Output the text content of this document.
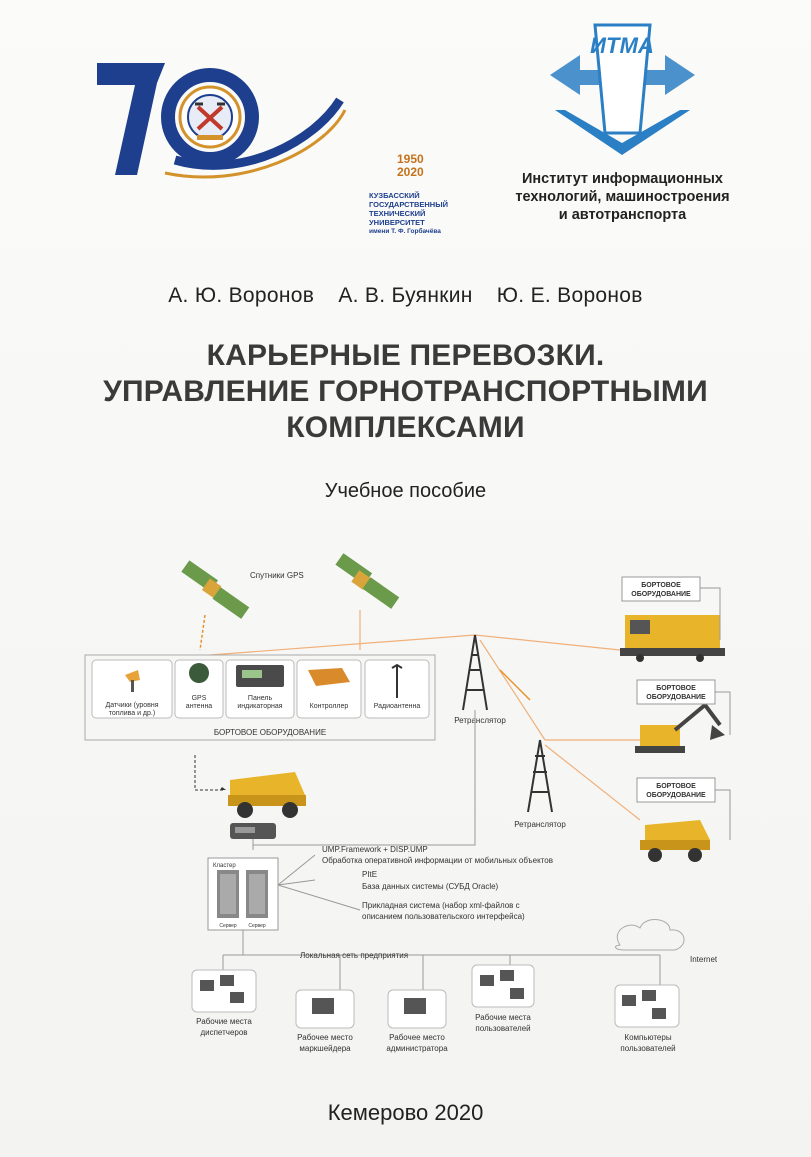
1950
2020
КУЗБАССКИЙ
ГОСУДАРСТВЕННЫЙ
ТЕХНИЧЕСКИЙ
УНИВЕРСИТЕТ
имени Т. Ф. Горбачёва
ИТМА
Институт информационных
технологий, машиностроения
и автотранспорта
А. Ю. Воронов А. В. Буянкин Ю. Е. Воронов
КАРЬЕРНЫЕ ПЕРЕВОЗКИ.
УПРАВЛЕНИЕ ГОРНОТРАНСПОРТНЫМИ
КОМПЛЕКСАМИ
Учебное пособие
Спутники GPS
Датчики (уровня
топлива и др.)
GPS
антенна
Панель
индикаторная	Контроллер	Радиоантенна
БОРТОВОЕ ОБОРУДОВАНИЕ
Ретранслятор
Ретранслятор
БОРТОВОЕ
ОБОРУДОВАНИЕ
БОРТОВОЕ
ОБОРУДОВАНИЕ
БОРТОВОЕ
ОБОРУДОВАНИЕ
Кластер
Сервер Сервер
UMP.Framework + DISP.UMP
Обработка оперативной информации от мобильных объектов
PItE
База данных системы (СУБД Oracle)
Прикладная система (набор xml-файлов с
описанием пользовательского интерфейса)
Локальная сеть предприятия	Internet
Рабочие места
диспетчеров
Рабочее место
маркшейдера
Рабочее место
администратора
Рабочие места
пользователей
Компьютеры
пользователей
Кемерово 2020
